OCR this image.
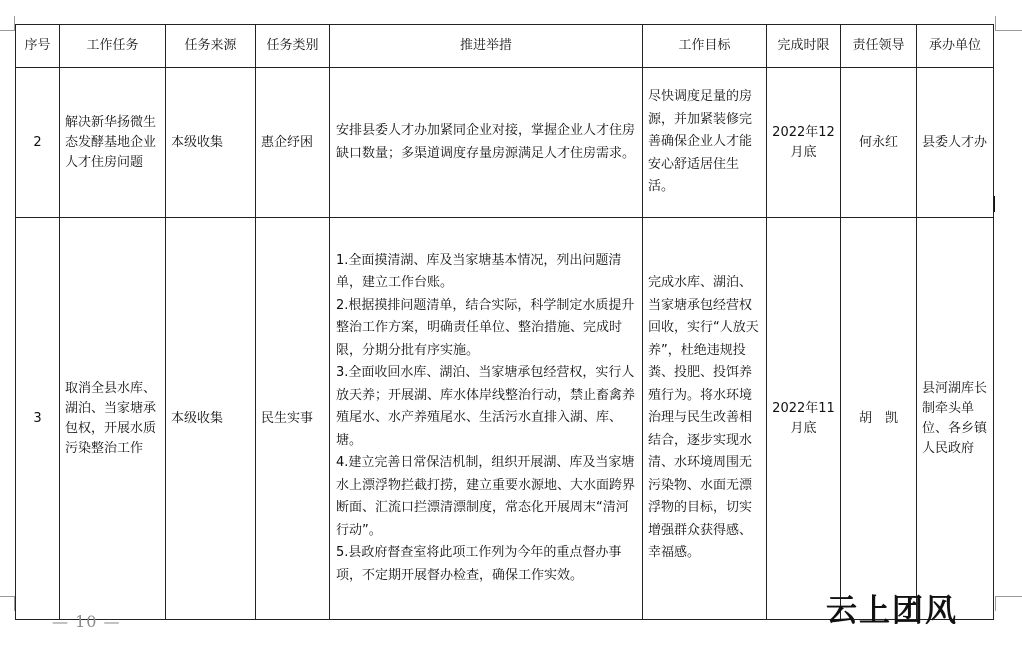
序号	工作任务	任务来源	任务类别	推进举措	工作目标	完成时限	责任领导	承办单位
2	解决新华扬微生态发酵基地企业人才住房问题	本级收集	惠企纾困	安排县委人才办加紧同企业对接，掌握企业人才住房缺口数量；多渠道调度存量房源满足人才住房需求。	尽快调度足量的房源，并加紧装修完善确保企业人才能安心舒适居住生活。	2022年12月底	何永红	县委人才办
3	取消全县水库、湖泊、当家塘承包权，开展水质污染整治工作	本级收集	民生实事	1.全面摸清湖、库及当家塘基本情况，列出问题清单，建立工作台账。
2.根据摸排问题清单，结合实际，科学制定水质提升整治工作方案，明确责任单位、整治措施、完成时限，分期分批有序实施。
3.全面收回水库、湖泊、当家塘承包经营权，实行人放天养；开展湖、库水体岸线整治行动，禁止畜禽养殖尾水、水产养殖尾水、生活污水直排入湖、库、塘。
4.建立完善日常保洁机制，组织开展湖、库及当家塘水上漂浮物拦截打捞，建立重要水源地、大水面跨界断面、汇流口拦漂清漂制度，常态化开展周末“清河行动”。
5.县政府督查室将此项工作列为今年的重点督办事项，不定期开展督办检查，确保工作实效。	完成水库、湖泊、当家塘承包经营权回收，实行“人放天养”，杜绝违规投粪、投肥、投饵养殖行为。将水环境治理与民生改善相结合，逐步实现水清、水环境周围无污染物、水面无漂浮物的目标，切实增强群众获得感、幸福感。	2022年11月底	胡　凯	县河湖库长制牵头单位、各乡镇人民政府
— 10 —	云上团风
